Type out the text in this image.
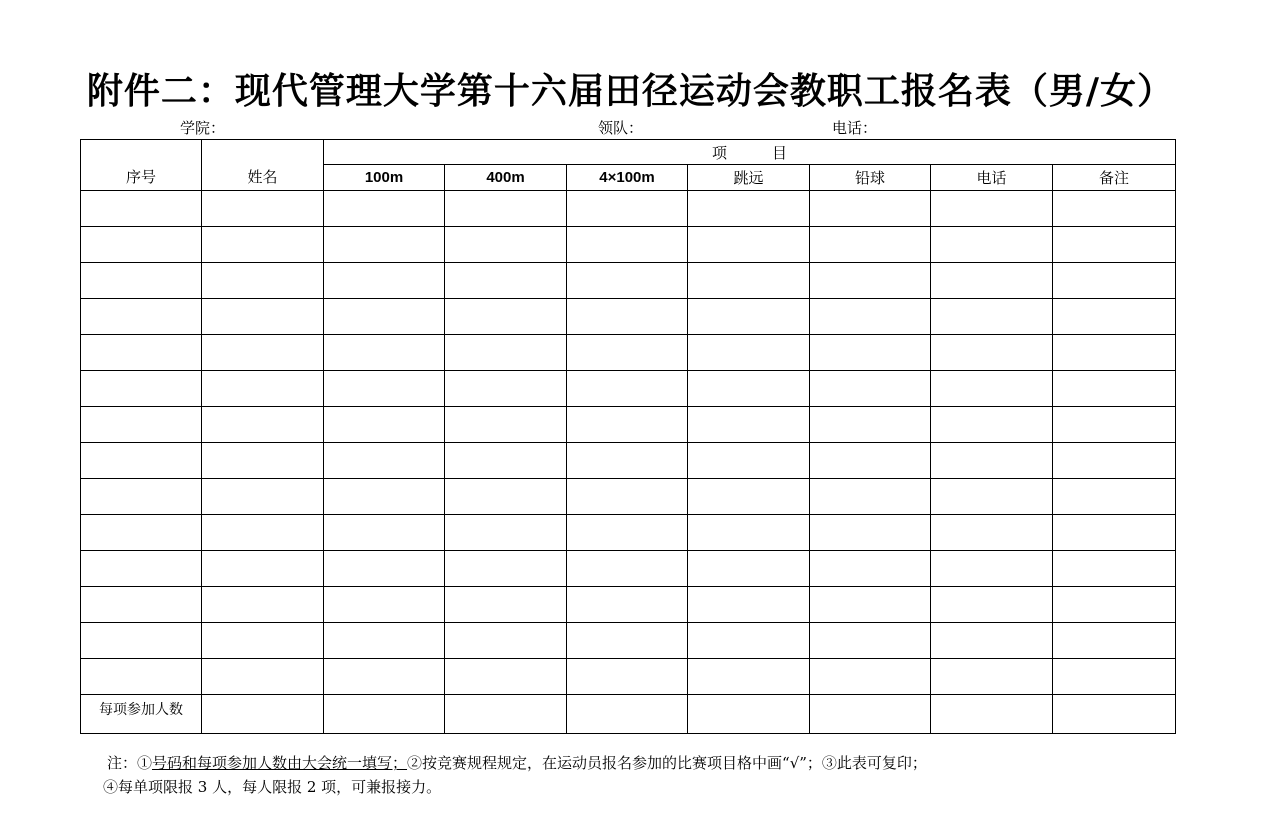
附件二：现代管理大学第十六届田径运动会教职工报名表（男/女）
学院：	领队：	电话：
序号	姓名	项　　　目						
		100m	400m	4×100m	跳远	铅球	电话	备注

每项参加人数								
注：①号码和每项参加人数由大会统一填写；②按竞赛规程规定，在运动员报名参加的比赛项目格中画“√”；③此表可复印；
④每单项限报 3 人，每人限报 2 项，可兼报接力。
